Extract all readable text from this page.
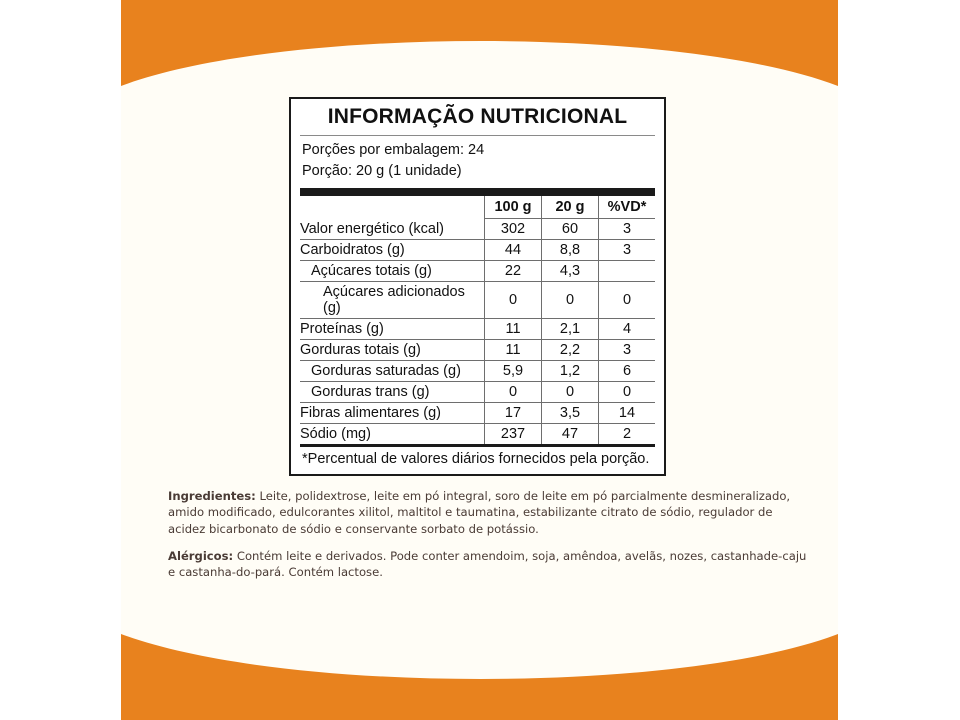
INFORMAÇÃO NUTRICIONAL
Porções por embalagem: 24
Porção: 20 g (1 unidade)
	100 g	20 g	%VD*
Valor energético (kcal)	302	60	3
Carboidratos (g)	44	8,8	3
Açúcares totais (g)	22	4,3	
Açúcares adicionados (g)	0	0	0
Proteínas (g)	11	2,1	4
Gorduras totais (g)	11	2,2	3
Gorduras saturadas (g)	5,9	1,2	6
Gorduras trans (g)	0	0	0
Fibras alimentares (g)	17	3,5	14
Sódio (mg)	237	47	2
*Percentual de valores diários fornecidos pela porção.
Ingredientes: Leite, polidextrose, leite em pó integral, soro de leite em pó parcialmente desmineralizado, amido modificado, edulcorantes xilitol, maltitol e taumatina, estabilizante citrato de sódio, regulador de acidez bicarbonato de sódio e conservante sorbato de potássio.
Alérgicos: Contém leite e derivados. Pode conter amendoim, soja, amêndoa, avelãs, nozes, castanhade-caju e castanha-do-pará. Contém lactose.
